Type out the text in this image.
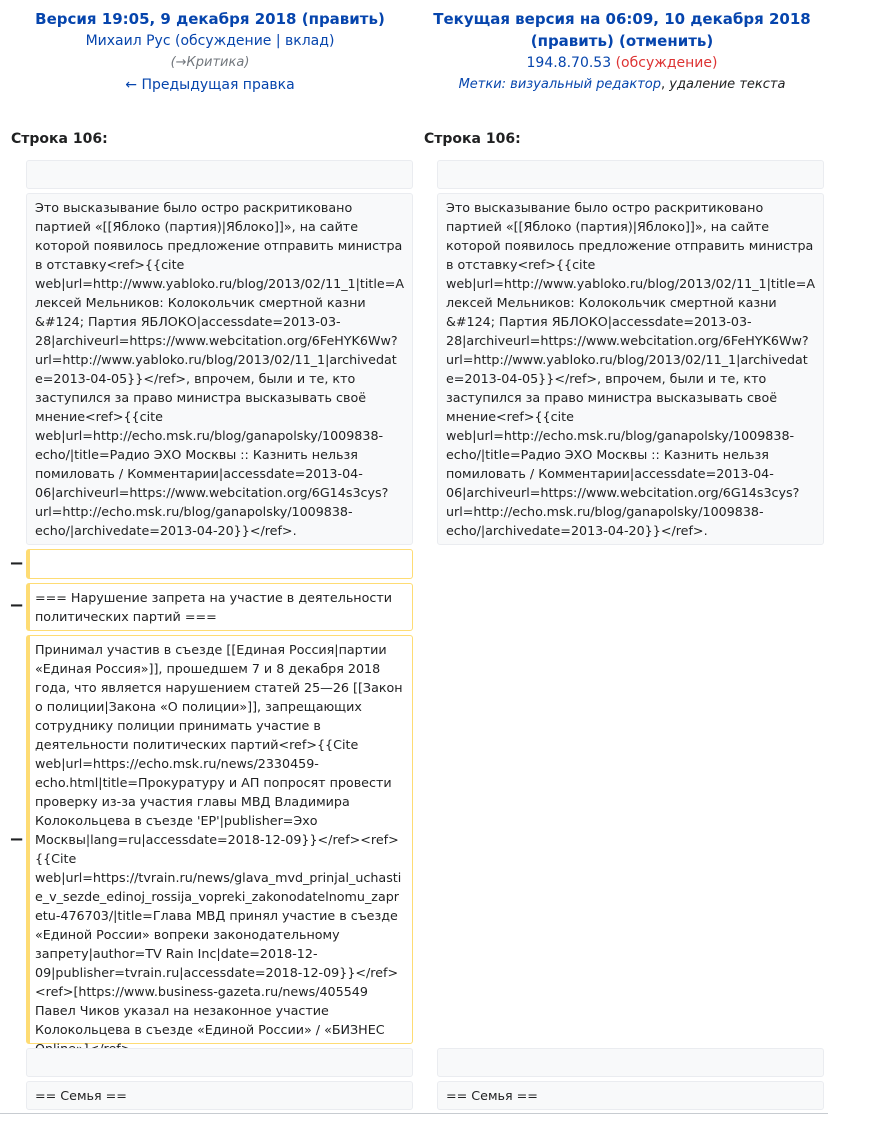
Версия 19:05, 9 декабря 2018 (править)
Михаил Рус (обсуждение | вклад)
(→Критика)
← Предыдущая правка
Текущая версия на 06:09, 10 декабря 2018
(править) (отменить)
194.8.70.53 (обсуждение)
Метки: визуальный редактор, удаление текста
Строка 106:	Строка 106:
Это высказывание было остро раскритиковано партией «[[Яблоко (партия)|Яблоко]]», на сайте которой появилось предложение отправить министра в отставку<ref>{{cite web|url=http://www.yabloko.ru/blog/2013/02/11_1|title=Алексей Мельников: Колокольчик смертной казни &#124; Партия ЯБЛОКО|accessdate=2013-03-28|archiveurl=https://www.webcitation.org/6FeHYK6Ww?url=http://www.yabloko.ru/blog/2013/02/11_1|archivedate=2013-04-05}}</ref>, впрочем, были и те, кто заступился за право министра высказывать своё мнение<ref>{{cite web|url=http://echo.msk.ru/blog/ganapolsky/1009838-echo/|title=Радио ЭХО Москвы :: Казнить нельзя помиловать / Комментарии|accessdate=2013-04-06|archiveurl=https://www.webcitation.org/6G14s3cys?url=http://echo.msk.ru/blog/ganapolsky/1009838-echo/|archivedate=2013-04-20}}</ref>.
Это высказывание было остро раскритиковано партией «[[Яблоко (партия)|Яблоко]]», на сайте которой появилось предложение отправить министра в отставку<ref>{{cite web|url=http://www.yabloko.ru/blog/2013/02/11_1|title=Алексей Мельников: Колокольчик смертной казни &#124; Партия ЯБЛОКО|accessdate=2013-03-28|archiveurl=https://www.webcitation.org/6FeHYK6Ww?url=http://www.yabloko.ru/blog/2013/02/11_1|archivedate=2013-04-05}}</ref>, впрочем, были и те, кто заступился за право министра высказывать своё мнение<ref>{{cite web|url=http://echo.msk.ru/blog/ganapolsky/1009838-echo/|title=Радио ЭХО Москвы :: Казнить нельзя помиловать / Комментарии|accessdate=2013-04-06|archiveurl=https://www.webcitation.org/6G14s3cys?url=http://echo.msk.ru/blog/ganapolsky/1009838-echo/|archivedate=2013-04-20}}</ref>.
−
− === Нарушение запрета на участие в деятельности политических партий ===
−
Принимал участив в съезде [[Единая Россия|партии «Единая Россия»]], прошедшем 7 и 8 декабря 2018 года, что является нарушением статей 25—26 [[Закон о полиции|Закона «О полиции»]], запрещающих сотруднику полиции принимать участие в деятельности политических партий<ref>{{Cite web|url=https://echo.msk.ru/news/2330459-echo.html|title=Прокуратуру и АП попросят провести проверку из-за участия главы МВД Владимира Колокольцева в съезде 'ЕР'|publisher=Эхо Москвы|lang=ru|accessdate=2018-12-09}}</ref><ref>{{Cite web|url=https://tvrain.ru/news/glava_mvd_prinjal_uchastie_v_sezde_edinoj_rossija_vopreki_zakonodatelnomu_zapretu-476703/|title=Глава МВД принял участие в съезде «Единой России» вопреки законодательному запрету|author=TV Rain Inc|date=2018-12-09|publisher=tvrain.ru|accessdate=2018-12-09}}</ref><ref>[https://www.business-gazeta.ru/news/405549 Павел Чиков указал на незаконное участие Колокольцева в съезде «Единой России» / «БИЗНЕС
== Семья ==	== Семья ==
